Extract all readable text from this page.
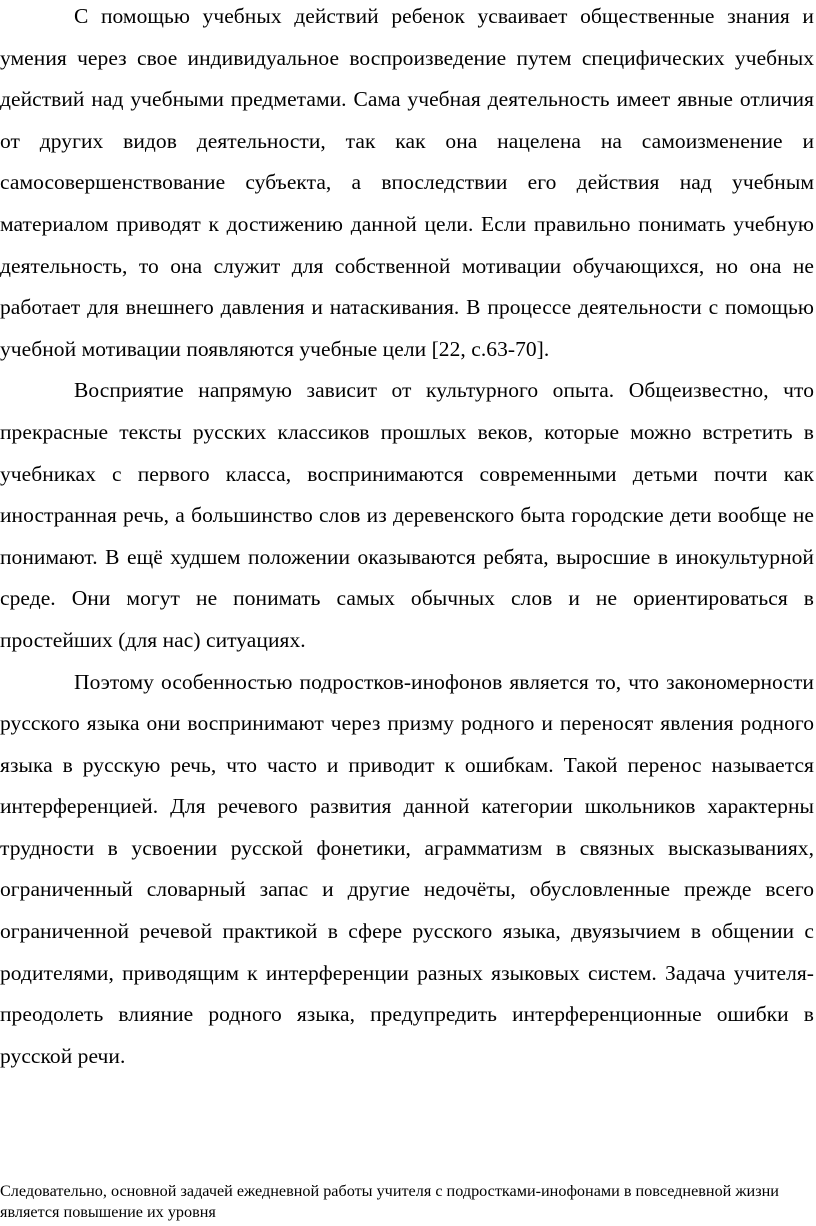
С помощью учебных действий ребенок усваивает общественные знания и умения через свое индивидуальное воспроизведение путем специфических учебных действий над учебными предметами. Сама учебная деятельность имеет явные отличия от других видов деятельности, так как она нацелена на самоизменение и самосовершенствование субъекта, а впоследствии его действия над учебным материалом приводят к достижению данной цели. Если правильно понимать учебную деятельность, то она служит для собственной мотивации обучающихся, но она не работает для внешнего давления и натаскивания. В процессе деятельности с помощью учебной мотивации появляются учебные цели [22, с.63-70].

Восприятие напрямую зависит от культурного опыта. Общеизвестно, что прекрасные тексты русских классиков прошлых веков, которые можно встретить в учебниках с первого класса, воспринимаются современными детьми почти как иностранная речь, а большинство слов из деревенского быта городские дети вообще не понимают. В ещё худшем положении оказываются ребята, выросшие в инокультурной среде. Они могут не понимать самых обычных слов и не ориентироваться в простейших (для нас) ситуациях.

Поэтому особенностью подростков-инофонов является то, что закономерности русского языка они воспринимают через призму родного и переносят явления родного языка в русскую речь, что часто и приводит к ошибкам. Такой перенос называется интерференцией. Для речевого развития данной категории школьников характерны трудности в усвоении русской фонетики, аграмматизм в связных высказываниях, ограниченный словарный запас и другие недочёты, обусловленные прежде всего ограниченной речевой практикой в сфере русского языка, двуязычием в общении с родителями, приводящим к интерференции разных языковых систем. Задача учителя-преодолеть влияние родного языка, предупредить интерференционные ошибки в русской речи.

Следовательно, основной задачей ежедневной работы учителя с подростками-инофонами в повседневной жизни является повышение их уровня
